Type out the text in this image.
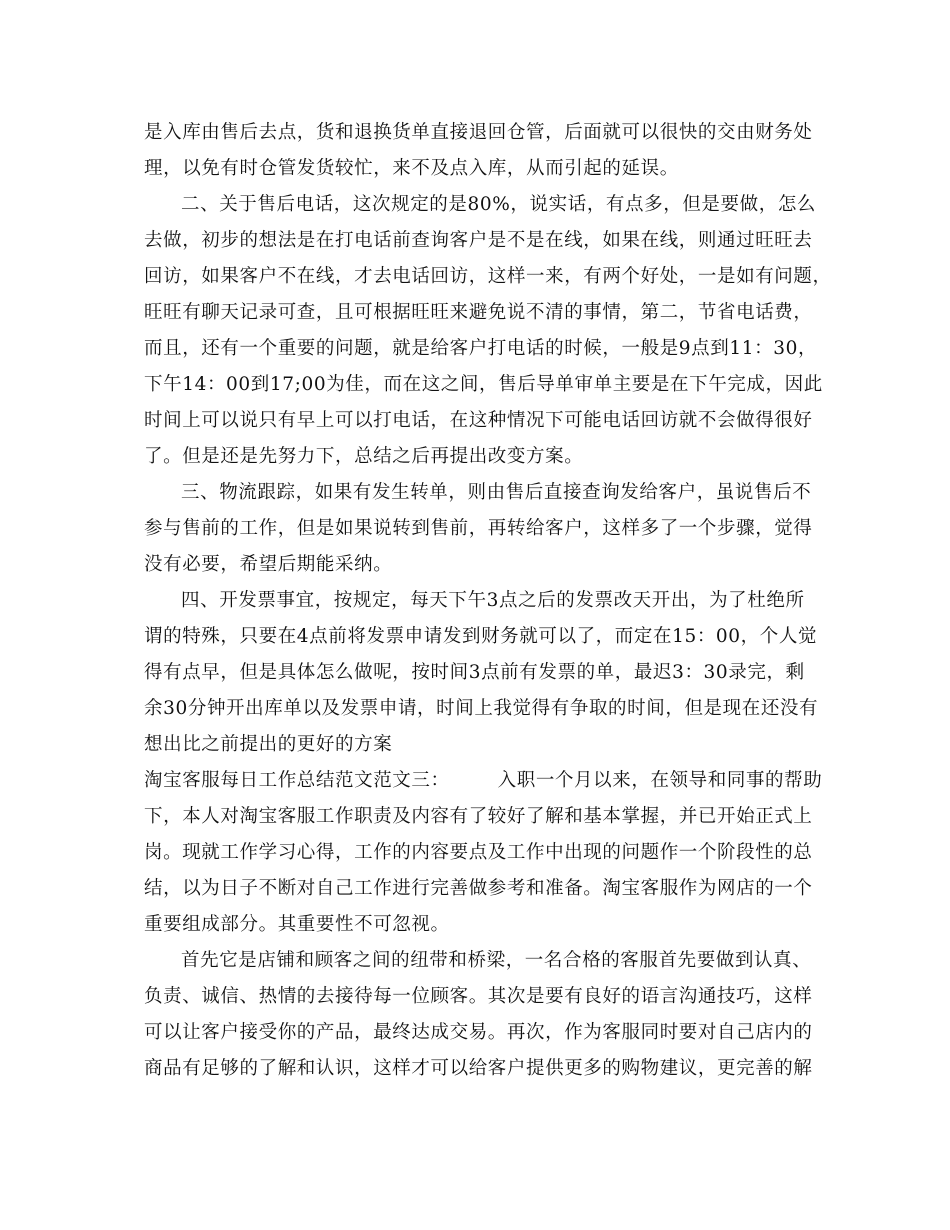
是入库由售后去点，货和退换货单直接退回仓管，后面就可以很快的交由财务处
理，以免有时仓管发货较忙，来不及点入库，从而引起的延误。
二、关于售后电话，这次规定的是80%，说实话，有点多，但是要做，怎么
去做，初步的想法是在打电话前查询客户是不是在线，如果在线，则通过旺旺去
回访，如果客户不在线，才去电话回访，这样一来，有两个好处，一是如有问题，
旺旺有聊天记录可查，且可根据旺旺来避免说不清的事情，第二，节省电话费，
而且，还有一个重要的问题，就是给客户打电话的时候，一般是9点到11：30，
下午14：00到17;00为佳，而在这之间，售后导单审单主要是在下午完成，因此
时间上可以说只有早上可以打电话，在这种情况下可能电话回访就不会做得很好
了。但是还是先努力下，总结之后再提出改变方案。
三、物流跟踪，如果有发生转单，则由售后直接查询发给客户，虽说售后不
参与售前的工作，但是如果说转到售前，再转给客户，这样多了一个步骤，觉得
没有必要，希望后期能采纳。
四、开发票事宜，按规定，每天下午3点之后的发票改天开出，为了杜绝所
谓的特殊，只要在4点前将发票申请发到财务就可以了，而定在15：00，个人觉
得有点早，但是具体怎么做呢，按时间3点前有发票的单，最迟3：30录完，剩
余30分钟开出库单以及发票申请，时间上我觉得有争取的时间，但是现在还没有
想出比之前提出的更好的方案
淘宝客服每日工作总结范文范文三：　　　入职一个月以来，在领导和同事的帮助
下，本人对淘宝客服工作职责及内容有了较好了解和基本掌握，并已开始正式上
岗。现就工作学习心得，工作的内容要点及工作中出现的问题作一个阶段性的总
结，以为日子不断对自己工作进行完善做参考和准备。淘宝客服作为网店的一个
重要组成部分。其重要性不可忽视。
首先它是店铺和顾客之间的纽带和桥梁，一名合格的客服首先要做到认真、
负责、诚信、热情的去接待每一位顾客。其次是要有良好的语言沟通技巧，这样
可以让客户接受你的产品，最终达成交易。再次，作为客服同时要对自己店内的
商品有足够的了解和认识，这样才可以给客户提供更多的购物建议，更完善的解
